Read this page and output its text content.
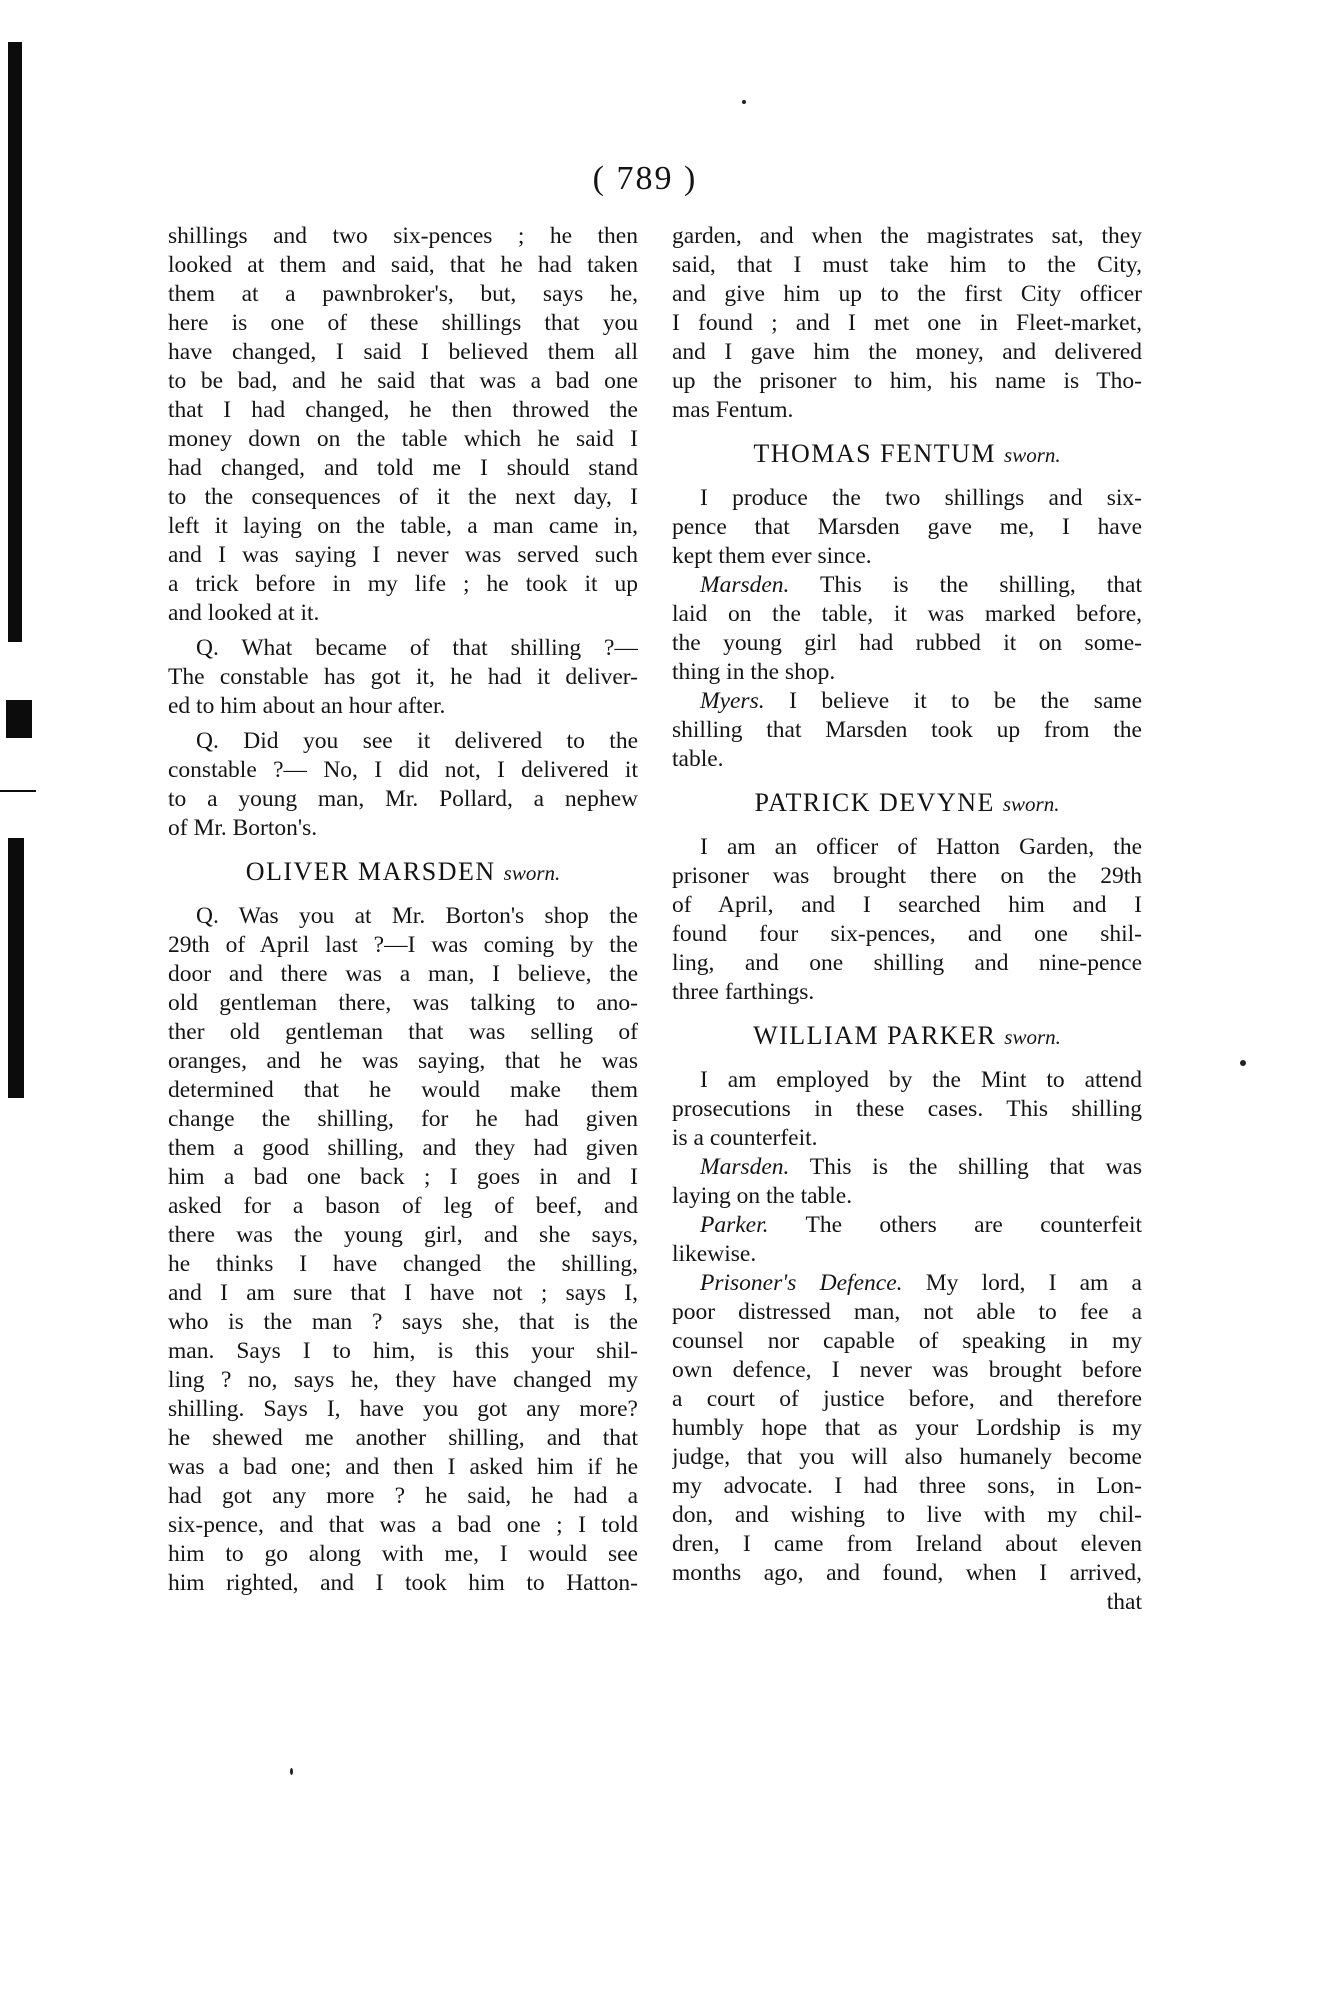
( 789 )
shillings and two six-pences ; he then
looked at them and said, that he had taken
them at a pawnbroker's, but, says he,
here is one of these shillings that you
have changed, I said I believed them all
to be bad, and he said that was a bad one
that I had changed, he then throwed the
money down on the table which he said I
had changed, and told me I should stand
to the consequences of it the next day, I
left it laying on the table, a man came in,
and I was saying I never was served such
a trick before in my life ; he took it up
and looked at it.
Q. What became of that shilling ?—
The constable has got it, he had it deliver-
ed to him about an hour after.
Q. Did you see it delivered to the
constable ?— No, I did not, I delivered it
to a young man, Mr. Pollard, a nephew
of Mr. Borton's.
OLIVER MARSDEN sworn.
Q. Was you at Mr. Borton's shop the
29th of April last ?—I was coming by the
door and there was a man, I believe, the
old gentleman there, was talking to ano-
ther old gentleman that was selling of
oranges, and he was saying, that he was
determined that he would make them
change the shilling, for he had given
them a good shilling, and they had given
him a bad one back ; I goes in and I
asked for a bason of leg of beef, and
there was the young girl, and she says,
he thinks I have changed the shilling,
and I am sure that I have not ; says I,
who is the man ? says she, that is the
man. Says I to him, is this your shil-
ling ? no, says he, they have changed my
shilling. Says I, have you got any more?
he shewed me another shilling, and that
was a bad one; and then I asked him if he
had got any more ? he said, he had a
six-pence, and that was a bad one ; I told
him to go along with me, I would see
him righted, and I took him to Hatton-
garden, and when the magistrates sat, they
said, that I must take him to the City,
and give him up to the first City officer
I found ; and I met one in Fleet-market,
and I gave him the money, and delivered
up the prisoner to him, his name is Tho-
mas Fentum.
THOMAS FENTUM sworn.
I produce the two shillings and six-
pence that Marsden gave me, I have
kept them ever since.
Marsden. This is the shilling, that
laid on the table, it was marked before,
the young girl had rubbed it on some-
thing in the shop.
Myers. I believe it to be the same
shilling that Marsden took up from the
table.
PATRICK DEVYNE sworn.
I am an officer of Hatton Garden, the
prisoner was brought there on the 29th
of April, and I searched him and I
found four six-pences, and one shil-
ling, and one shilling and nine-pence
three farthings.
WILLIAM PARKER sworn.
I am employed by the Mint to attend
prosecutions in these cases. This shilling
is a counterfeit.
Marsden. This is the shilling that was
laying on the table.
Parker. The others are counterfeit
likewise.
Prisoner's Defence. My lord, I am a
poor distressed man, not able to fee a
counsel nor capable of speaking in my
own defence, I never was brought before
a court of justice before, and therefore
humbly hope that as your Lordship is my
judge, that you will also humanely become
my advocate. I had three sons, in Lon-
don, and wishing to live with my chil-
dren, I came from Ireland about eleven
months ago, and found, when I arrived,
that
